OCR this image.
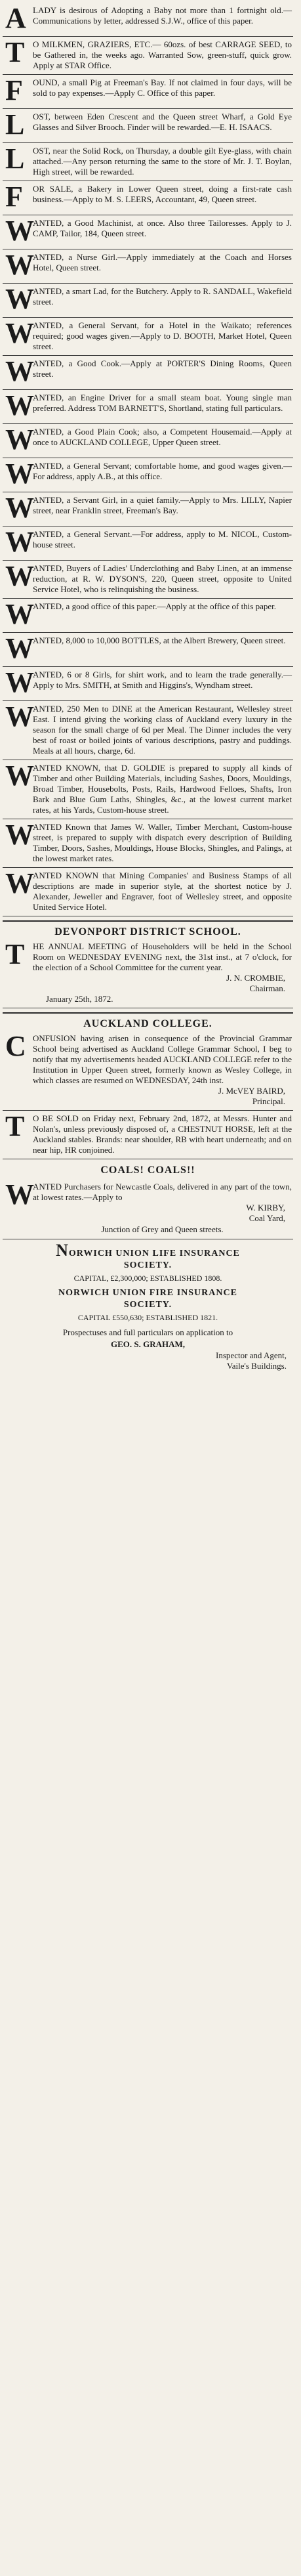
A LADY is desirous of Adopting a Baby not more than 1 fortnight old.—Communications by letter, addressed S.J.W., office of this paper.
T O MILKMEN, GRAZIERS, ETC.— 60ozs. of best CARRAGE SEED, to be Gathered in, the weeks ago. Warranted Sow, green-stuff, quick grow. Apply at STAR Office.
F OUND, a small Pig at Freeman's Bay. If not claimed in four days, will be sold to pay expenses.—Apply C. Office of this paper.
L OST, between Eden Crescent and the Queen street Wharf, a Gold Eye Glasses and Silver Brooch. Finder will be rewarded.—E. H. ISAACS.
L OST, near the Solid Rock, on Thursday, a double gilt Eye-glass, with chain attached.—Any person returning the same to the store of Mr. J. T. Boylan, High street, will be rewarded.
F OR SALE, a Bakery in Lower Queen street, doing a first-rate cash business.—Apply to M. S. LEERS, Accountant, 49, Queen street.
W ANTED, a Good Machinist, at once. Also three Tailoresses. Apply to J. CAMP, Tailor, 184, Queen street.
W ANTED, a Nurse Girl.—Apply immediately at the Coach and Horses Hotel, Queen street.
W ANTED, a smart Lad, for the Butchery. Apply to R. SANDALL, Wakefield street.
W ANTED, a General Servant, for a Hotel in the Waikato; references required; good wages given.—Apply to D. BOOTH, Market Hotel, Queen street.
W ANTED, a Good Cook.—Apply at PORTER'S Dining Rooms, Queen street.
W ANTED, an Engine Driver for a small steam boat. Young single man preferred. Address TOM BARNETT'S, Shortland, stating full particulars.
W ANTED, a Good Plain Cook; also, a Competent Housemaid.—Apply at once to AUCKLAND COLLEGE, Upper Queen street.
W ANTED, a General Servant; comfortable home, and good wages given.—For address, apply A.B., at this office.
W ANTED, a Servant Girl, in a quiet family.—Apply to Mrs. LILLY, Napier street, near Franklin street, Freeman's Bay.
W ANTED, a General Servant.—For address, apply to M. NICOL, Custom-house street.
W ANTED, Buyers of Ladies' Underclothing and Baby Linen, at an immense reduction, at R. W. DYSON'S, 220, Queen street, opposite to United Service Hotel, who is relinquishing the business.
W ANTED, a good office of this paper.—Apply at the office of this paper.
W ANTED, 8,000 to 10,000 BOTTLES, at the Albert Brewery, Queen street.
W ANTED, 6 or 8 Girls, for shirt work, and to learn the trade generally.—Apply to Mrs. SMITH, at Smith and Higgins's, Wyndham street.
W ANTED, 250 Men to DINE at the American Restaurant, Wellesley street East. I intend giving the working class of Auckland every luxury in the season for the small charge of 6d per Meal. The Dinner includes the very best of roast or boiled joints of various descriptions, pastry and puddings. Meals at all hours, charge, 6d.
W ANTED KNOWN, that D. GOLDIE is prepared to supply all kinds of Timber and other Building Materials, including Sashes, Doors, Mouldings, Broad Timber, Housebolts, Posts, Rails, Hardwood Felloes, Shafts, Iron Bark and Blue Gum Laths, Shingles, &c., at the lowest current market rates, at his Yards, Custom-house street.
W ANTED Known that James W. Waller, Timber Merchant, Custom-house street, is prepared to supply with dispatch every description of Building Timber, Doors, Sashes, Mouldings, House Blocks, Shingles, and Palings, at the lowest market rates.
W ANTED KNOWN that Mining Companies' and Business Stamps of all descriptions are made in superior style, at the shortest notice by J. Alexander, Jeweller and Engraver, foot of Wellesley street, and opposite United Service Hotel.
DEVONPORT DISTRICT SCHOOL.
T HE ANNUAL MEETING of Householders will be held in the School Room on WEDNESDAY EVENING next, the 31st inst., at 7 o'clock, for the election of a School Committee for the current year.
J. N. CROMBIE,
Chairman.
January 25th, 1872.
AUCKLAND COLLEGE.
C ONFUSION having arisen in consequence of the Provincial Grammar School being advertised as Auckland College Grammar School, I beg to notify that my advertisements headed AUCKLAND COLLEGE refer to the Institution in Upper Queen street, formerly known as Wesley College, in which classes are resumed on WEDNESDAY, 24th inst.
J. McVEY BAIRD,
Principal.
T O BE SOLD on Friday next, February 2nd, 1872, at Messrs. Hunter and Nolan's, unless previously disposed of, a CHESTNUT HORSE, left at the Auckland stables. Brands: near shoulder, RB with heart underneath; and on near hip, HR conjoined.
COALS! COALS!!
W ANTED Purchasers for Newcastle Coals, delivered in any part of the town, at lowest rates.—Apply to
W. KIRBY,
Coal Yard,
Junction of Grey and Queen streets.
NORWICH UNION LIFE INSURANCE
SOCIETY.
CAPITAL, £2,300,000; ESTABLISHED 1808.
NORWICH UNION FIRE INSURANCE
SOCIETY.
CAPITAL £550,630; ESTABLISHED 1821.
Prospectuses and full particulars on application to
GEO. S. GRAHAM,
Inspector and Agent,
Vaile's Buildings.
